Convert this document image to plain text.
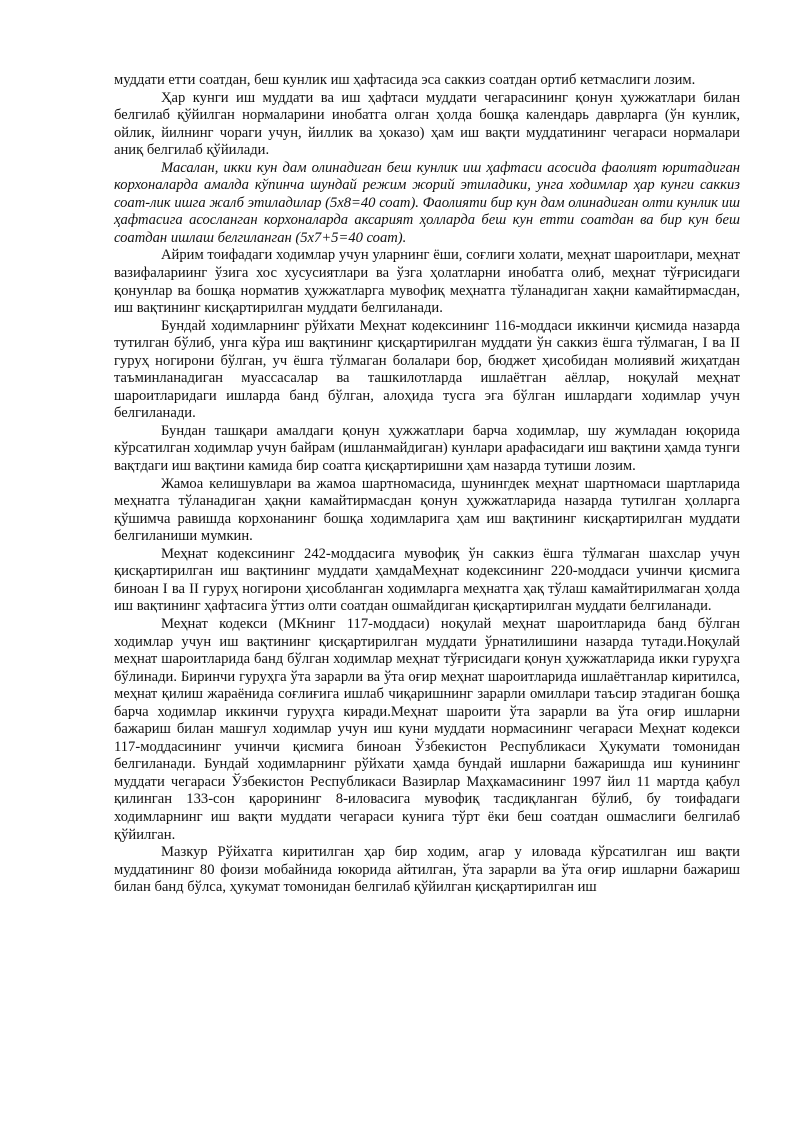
муддати етти соатдан, беш кунлик иш ҳафтасида эса саккиз соатдан ортиб кетмаслиги лозим.

Ҳар кунги иш муддати ва иш ҳафтаси муддати чегарасининг қонун ҳужжатлари билан белгилаб қўйилган нормаларини инобатга олган ҳолда бошқа календарь даврларга (ўн кунлик, ойлик, йилнинг чораги учун, йиллик ва ҳоказо) ҳам иш вақти муддатининг чегараси нормалари аниқ белгилаб қўйилади.

Масалан, икки кун дам олинадиган беш кунлик иш ҳафтаси асосида фаолият юритадиган корхоналарда амалда кўпинча шундай режим жорий этиладики, унга ходимлар ҳар кунги саккиз соат-лик ишга жалб этиладилар (5х8=40 соат). Фаолияти бир кун дам олинадиган олти кунлик иш ҳафтасига асосланган корхоналарда аксарият ҳолларда беш кун етти соатдан ва бир кун беш соатдан ишлаш белгиланган (5х7+5=40 соат).

Айрим тоифадаги ходимлар учун уларнинг ёши, соғлиги холати, меҳнат шароитлари, меҳнат вазифалариинг ўзига хос хусусиятлари ва ўзга ҳолатларни инобатга олиб, меҳнат тўғрисидаги қонунлар ва бошқа норматив ҳужжатларга мувофиқ меҳнатга тўланадиган хақни камайтирмасдан, иш вақтининг кисқартирилган муддати белгиланади.

Бундай ходимларнинг рўйхати Меҳнат кодексининг 116-моддаси иккинчи қисмида назарда тутилган бўлиб, унга кўра иш вақтининг қисқартирилган муддати ўн саккиз ёшга тўлмаган, I ва II гуруҳ ногирони бўлган, уч ёшга тўлмаган болалари бор, бюджет ҳисобидан молиявий жиҳатдан таъминланадиган муассасалар ва ташкилотларда ишлаётган аёллар, ноқулай меҳнат шароитларидаги ишларда банд бўлган, алоҳида тусга эга бўлган ишлардаги ходимлар учун белгиланади.

Бундан ташқари амалдаги қонун ҳужжатлари барча ходимлар, шу жумладан юқорида кўрсатилган ходимлар учун байрам (ишланмайдиган) кунлари арафасидаги иш вақтини ҳамда тунги вақтдаги иш вақтини камида бир соатга қисқартиришни ҳам назарда тутиши лозим.

Жамоа келишувлари ва жамоа шартномасида, шунингдек меҳнат шартномаси шартларида меҳнатга тўланадиган ҳақни камайтирмасдан қонун ҳужжатларида назарда тутилган ҳолларга қўшимча равишда корхонанинг бошқа ходимларига ҳам иш вақтининг кисқартирилган муддати белгиланиши мумкин.

Меҳнат кодексининг 242-моддасига мувофиқ ўн саккиз ёшга тўлмаган шахслар учун қисқартирилган иш вақтининг муддати ҳамдаМеҳнат кодексининг 220-моддаси учинчи қисмига биноан I ва II гуруҳ ногирони ҳисобланган ходимларга меҳнатга ҳақ тўлаш камайтирилмаган ҳолда иш вақтининг ҳафтасига ўттиз олти соатдан ошмайдиган қисқартирилган муддати белгиланади.

Меҳнат кодекси (МКнинг 117-моддаси) ноқулай меҳнат шароитларида банд бўлган ходимлар учун иш вақтининг қисқартирилган муддати ўрнатилишини назарда тутади.Ноқулай меҳнат шароитларида банд бўлган ходимлар меҳнат тўғрисидаги қонун ҳужжатларида икки гуруҳга бўлинади. Биринчи гуруҳга ўта зарарли ва ўта оғир меҳнат шароитларида ишлаётганлар киритилса, меҳнат қилиш жараёнида соғлиғига ишлаб чиқаришнинг зарарли омиллари таъсир этадиган бошқа барча ходимлар иккинчи гуруҳга киради.Меҳнат шароити ўта зарарли ва ўта оғир ишларни бажариш билан машғул ходимлар учун иш куни муддати нормасининг чегараси Меҳнат кодекси 117-моддасининг учинчи қисмига биноан Ўзбекистон Республикаси Ҳукумати томонидан белгиланади. Бундай ходимларнинг рўйхати ҳамда бундай ишларни бажаришда иш кунининг муддати чегараси Ўзбекистон Республикаси Вазирлар Маҳкамасининг 1997 йил 11 мартда қабул қилинган 133-сон қарорининг 8-иловасига мувофиқ тасдиқланган бўлиб, бу тоифадаги ходимларнинг иш вақти муддати чегараси кунига тўрт ёки беш соатдан ошмаслиги белгилаб қўйилган.

Мазкур Рўйхатга киритилган ҳар бир ходим, агар у иловада кўрсатилган иш вақти муддатининг 80 фоизи мобайнида юкорида айтилган, ўта зарарли ва ўта оғир ишларни бажариш билан банд бўлса, ҳукумат томонидан белгилаб қўйилган қисқартирилган иш
